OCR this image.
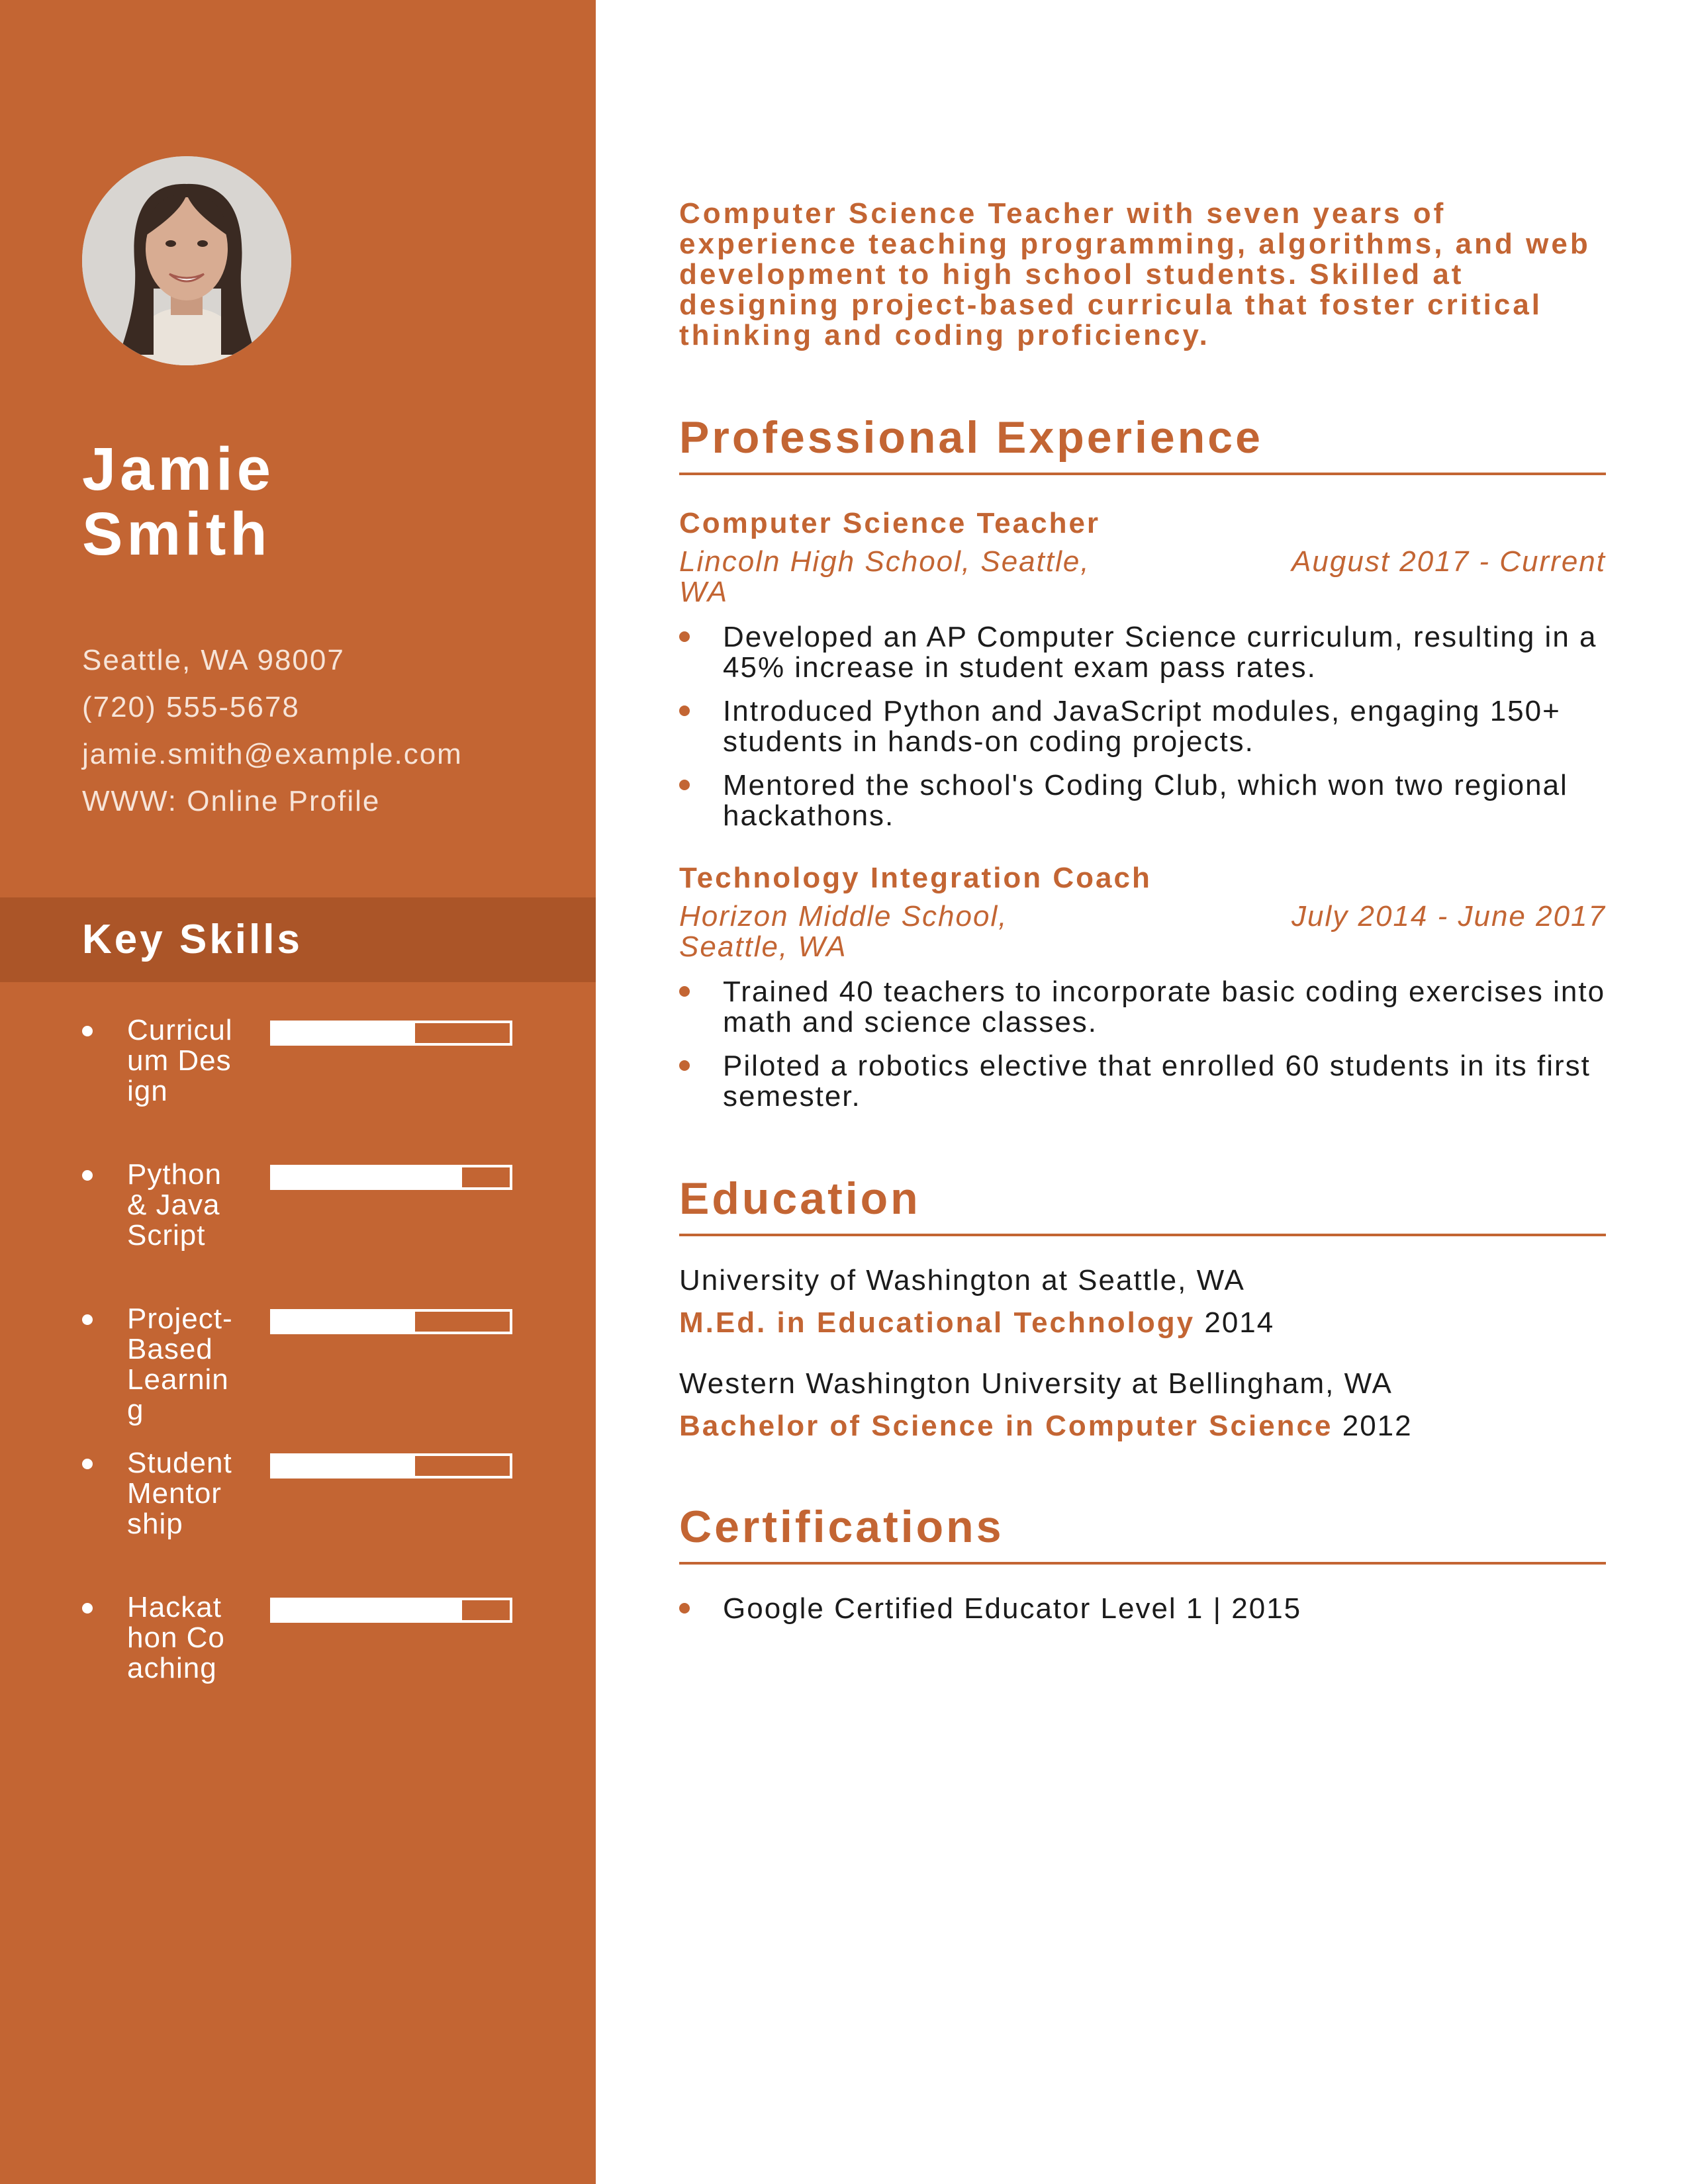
Jamie
Smith
Seattle, WA 98007
(720) 555-5678
jamie.smith@example.com
WWW: Online Profile
Key Skills
Curriculum Design
Python & JavaScript
Project-Based Learning
Student Mentorship
Hackathon Coaching

Computer Science Teacher with seven years of experience teaching programming, algorithms, and web development to high school students. Skilled at designing project-based curricula that foster critical thinking and coding proficiency.

Professional Experience
Computer Science Teacher
Lincoln High School, Seattle, WA
August 2017 - Current
Developed an AP Computer Science curriculum, resulting in a 45% increase in student exam pass rates.
Introduced Python and JavaScript modules, engaging 150+ students in hands-on coding projects.
Mentored the school's Coding Club, which won two regional hackathons.
Technology Integration Coach
Horizon Middle School, Seattle, WA
July 2014 - June 2017
Trained 40 teachers to incorporate basic coding exercises into math and science classes.
Piloted a robotics elective that enrolled 60 students in its first semester.
Education
University of Washington at Seattle, WA
M.Ed. in Educational Technology 2014
Western Washington University at Bellingham, WA
Bachelor of Science in Computer Science 2012
Certifications
Google Certified Educator Level 1 | 2015
